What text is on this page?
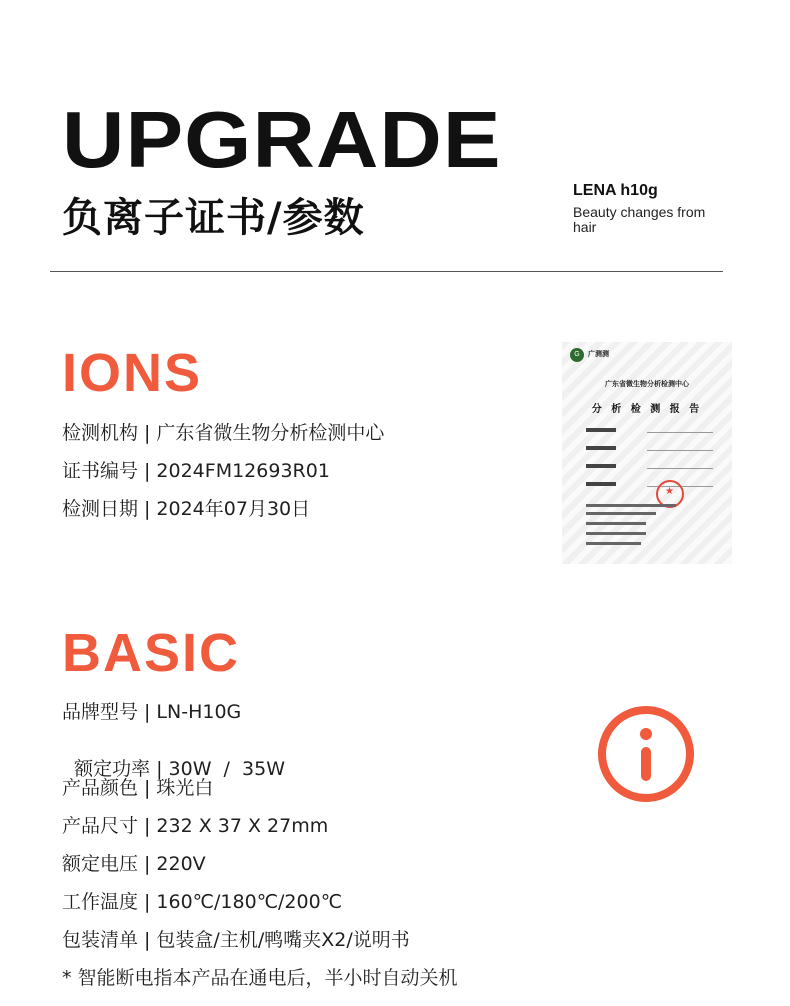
UPGRADE
负离子证书/参数
LENA h10g
Beauty changes from hair
IONS
检测机构 | 广东省微生物分析检测中心
证书编号 | 2024FM12693R01
检测日期 | 2024年07月30日
G	广测测
广东省微生物分析检测中心
分 析 检 测 报 告
★
BASIC
品牌型号 | LN-H10G

额定功率 | 30W  /  35W

产品颜色 | 珠光白
产品尺寸 | 232 X 37 X 27mm
额定电压 | 220V
工作温度 | 160℃/180℃/200℃
包装清单 | 包装盒/主机/鸭嘴夹X2/说明书
* 智能断电指本产品在通电后，半小时自动关机
